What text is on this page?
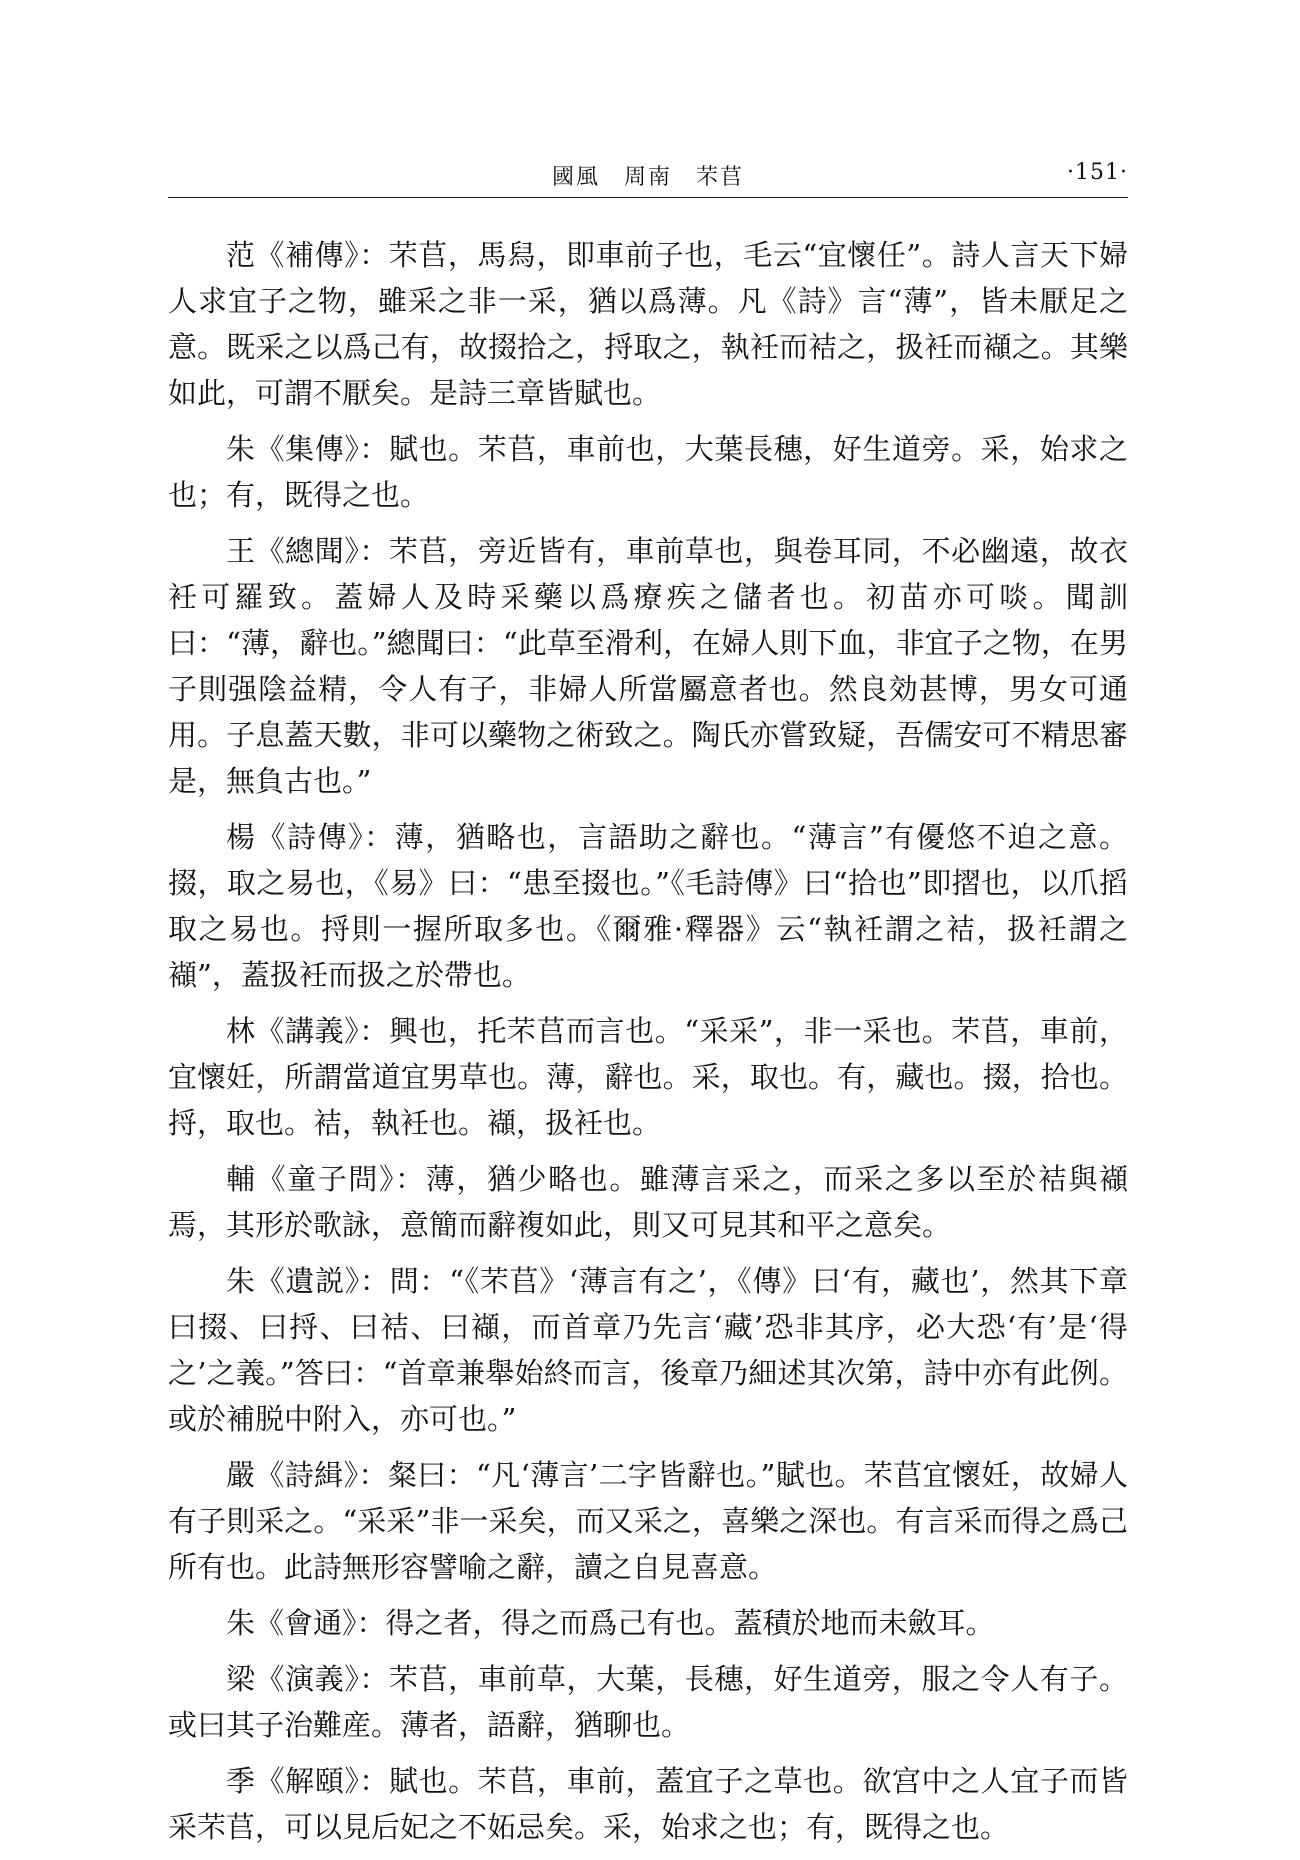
國風　周南　芣苢	·151·

范《補傳》：芣苢，馬舄，即車前子也，毛云“宜懷任”。詩人言天下婦人求宜子之物，雖采之非一采，猶以爲薄。凡《詩》言“薄”，皆未厭足之意。既采之以爲己有，故掇拾之，捋取之，執衽而袺之，扱衽而襭之。其樂如此，可謂不厭矣。是詩三章皆賦也。

朱《集傳》：賦也。芣苢，車前也，大葉長穗，好生道旁。采，始求之也；有，既得之也。

王《總聞》：芣苢，旁近皆有，車前草也，與卷耳同，不必幽遠，故衣衽可羅致。蓋婦人及時采藥以爲療疾之儲者也。初苗亦可啖。聞訓曰：“薄，辭也。”總聞曰：“此草至滑利，在婦人則下血，非宜子之物，在男子則强陰益精，令人有子，非婦人所當屬意者也。然良効甚博，男女可通用。子息蓋天數，非可以藥物之術致之。陶氏亦嘗致疑，吾儒安可不精思審是，無負古也。”

楊《詩傳》：薄，猶略也，言語助之辭也。“薄言”有優悠不迫之意。掇，取之易也，《易》曰：“患至掇也。”《毛詩傳》曰“拾也”即摺也，以爪搯取之易也。捋則一握所取多也。《爾雅·釋器》云“執衽謂之袺，扱衽謂之襭”，蓋扱衽而扱之於帶也。

林《講義》：興也，托芣苢而言也。“采采”，非一采也。芣苢，車前，宜懷妊，所謂當道宜男草也。薄，辭也。采，取也。有，藏也。掇，拾也。捋，取也。袺，執衽也。襭，扱衽也。

輔《童子問》：薄，猶少略也。雖薄言采之，而采之多以至於袺與襭焉，其形於歌詠，意簡而辭複如此，則又可見其和平之意矣。

朱《遺説》：問：“《芣苢》‘薄言有之’，《傳》曰‘有，藏也’，然其下章曰掇、曰捋、曰袺、曰襭，而首章乃先言‘藏’恐非其序，必大恐‘有’是‘得之’之義。”答曰：“首章兼舉始終而言，後章乃細述其次第，詩中亦有此例。或於補脱中附入，亦可也。”

嚴《詩緝》：粲曰：“凡‘薄言’二字皆辭也。”賦也。芣苢宜懷妊，故婦人有子則采之。“采采”非一采矣，而又采之，喜樂之深也。有言采而得之爲己所有也。此詩無形容譬喻之辭，讀之自見喜意。

朱《會通》：得之者，得之而爲己有也。蓋積於地而未斂耳。

梁《演義》：芣苢，車前草，大葉，長穗，好生道旁，服之令人有子。或曰其子治難産。薄者，語辭，猶聊也。

季《解頤》：賦也。芣苢，車前，蓋宜子之草也。欲宫中之人宜子而皆采芣苢，可以見后妃之不妬忌矣。采，始求之也；有，既得之也。
